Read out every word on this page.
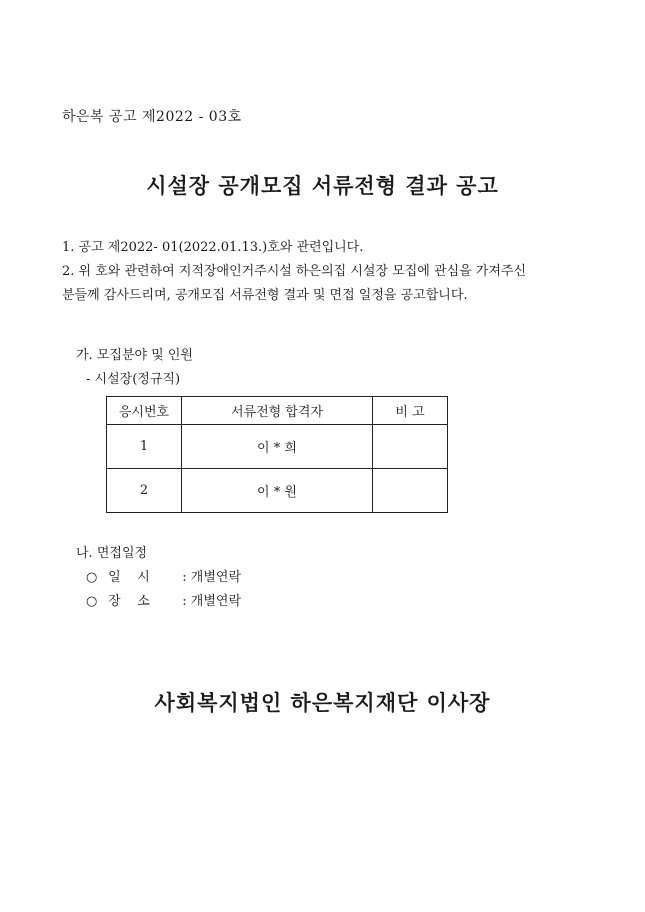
하은복 공고 제2022 - 03호
시설장 공개모집 서류전형 결과 공고
1. 공고 제2022- 01(2022.01.13.)호와 관련입니다.
2. 위 호와 관련하여 지적장애인거주시설 하은의집 시설장 모집에 관심을 가져주신
분들께 감사드리며, 공개모집 서류전형 결과 및 면접 일정을 공고합니다.
가. 모집분야 및 인원
- 시설장(정규직)
응시번호	서류전형 합격자	비 고
1	이 * 희	
2	이 * 원	
나. 면접일정
○ 일    시 : 개별연락
○ 장    소 : 개별연락
사회복지법인 하은복지재단 이사장
